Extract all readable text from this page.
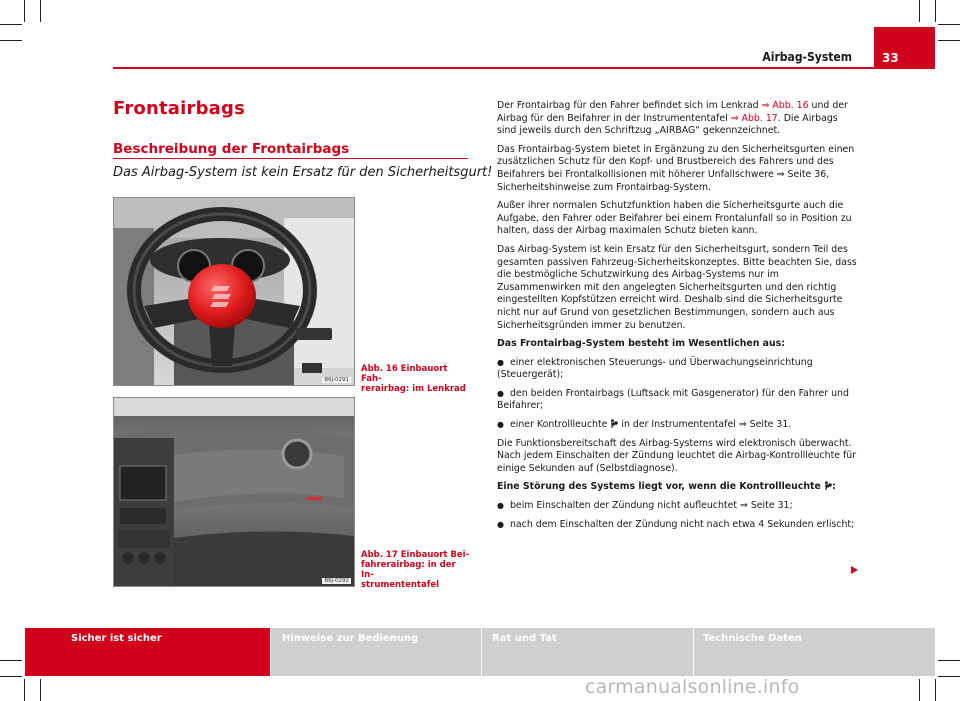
Airbag-System	33
Frontairbags
Beschreibung der Frontairbags
Das Airbag-System ist kein Ersatz für den Sicherheitsgurt!
B6J-0291
Abb. 16 Einbauort Fah-
rerairbag: im Lenkrad
B6J-0292
Abb. 17 Einbauort Bei-
fahrerairbag: in der In-
strumententafel

Der Frontairbag für den Fahrer befindet sich im Lenkrad ⇒ Abb. 16 und der Airbag für den Beifahrer in der Instrumententafel ⇒ Abb. 17. Die Airbags sind jeweils durch den Schriftzug „AIRBAG“ gekennzeichnet.

Das Frontairbag-System bietet in Ergänzung zu den Sicherheitsgurten einen zusätzlichen Schutz für den Kopf- und Brustbereich des Fahrers und des Beifahrers bei Frontalkollisionen mit höherer Unfallschwere ⇒ Seite 36, Sicherheitshinweise zum Frontairbag-System.

Außer ihrer normalen Schutzfunktion haben die Sicherheitsgurte auch die Aufgabe, den Fahrer oder Beifahrer bei einem Frontalunfall so in Position zu halten, dass der Airbag maximalen Schutz bieten kann.

Das Airbag-System ist kein Ersatz für den Sicherheitsgurt, sondern Teil des gesamten passiven Fahrzeug-Sicherheitskonzeptes. Bitte beachten Sie, dass die bestmögliche Schutzwirkung des Airbag-Systems nur im Zusammenwirken mit den angelegten Sicherheitsgurten und den richtig eingestellten Kopfstützen erreicht wird. Deshalb sind die Sicherheitsgurte nicht nur auf Grund von gesetzlichen Bestimmungen, sondern auch aus Sicherheitsgründen immer zu benutzen.

Das Frontairbag-System besteht im Wesentlichen aus:

● einer elektronischen Steuerungs- und Überwachungseinrichtung (Steuergerät);
● den beiden Frontairbags (Luftsack mit Gasgenerator) für den Fahrer und Beifahrer;
● einer Kontrollleuchte  in der Instrumententafel ⇒ Seite 31.

Die Funktionsbereitschaft des Airbag-Systems wird elektronisch überwacht. Nach jedem Einschalten der Zündung leuchtet die Airbag-Kontrollleuchte für einige Sekunden auf (Selbstdiagnose).

Eine Störung des Systems liegt vor, wenn die Kontrollleuchte :

● beim Einschalten der Zündung nicht aufleuchtet ⇒ Seite 31;
● nach dem Einschalten der Zündung nicht nach etwa 4 Sekunden erlischt;
Sicher ist sicher	Hinweise zur Bedienung	Rat und Tat	Technische Daten
carmanualsonline.info
